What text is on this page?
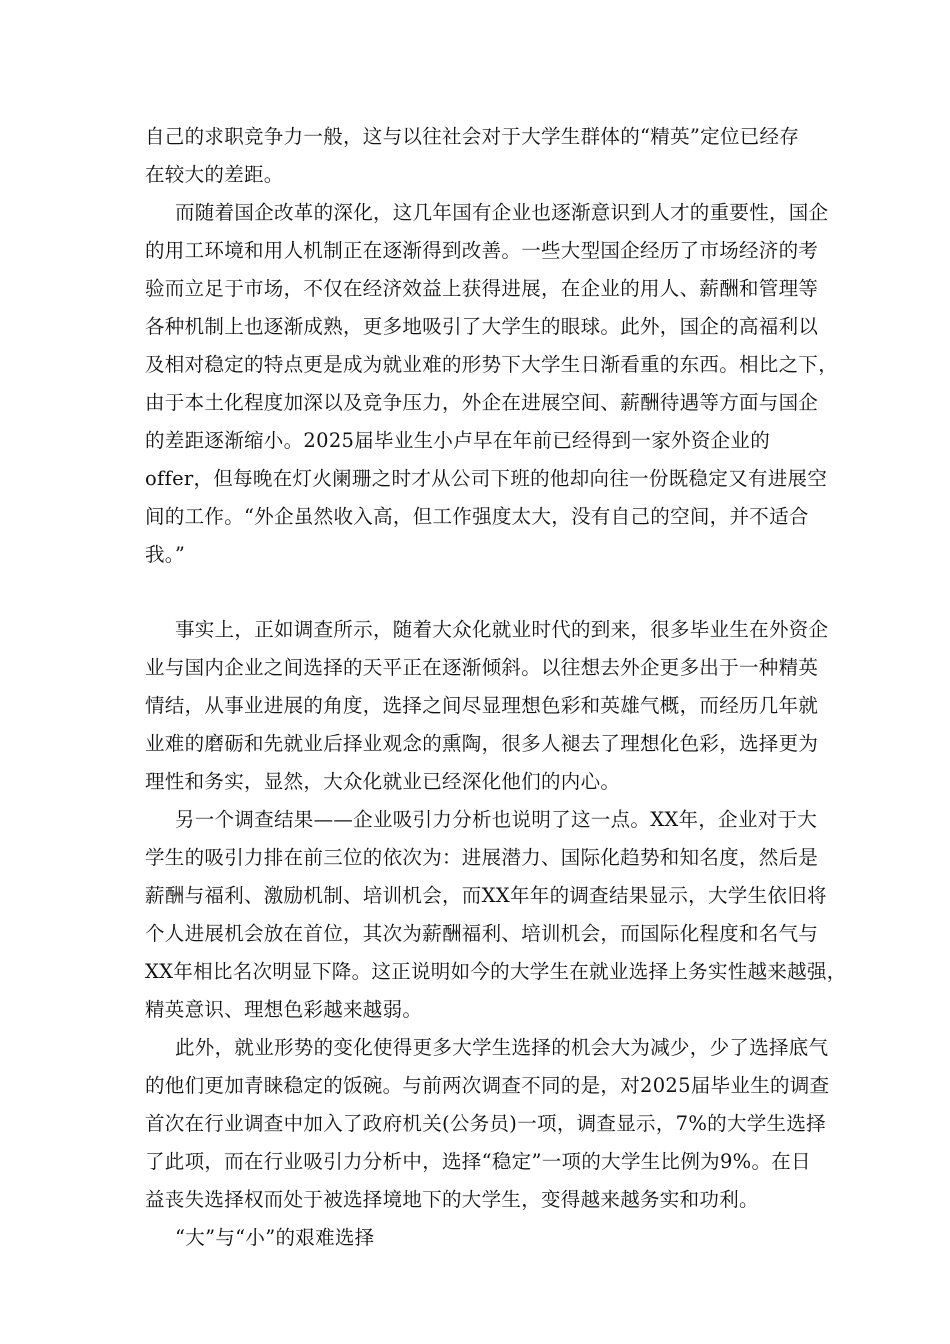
自己的求职竞争力一般，这与以往社会对于大学生群体的“精英”定位已经存
在较大的差距。
而随着国企改革的深化，这几年国有企业也逐渐意识到人才的重要性，国企
的用工环境和用人机制正在逐渐得到改善。一些大型国企经历了市场经济的考
验而立足于市场，不仅在经济效益上获得进展，在企业的用人、薪酬和管理等
各种机制上也逐渐成熟，更多地吸引了大学生的眼球。此外，国企的高福利以
及相对稳定的特点更是成为就业难的形势下大学生日渐看重的东西。相比之下，
由于本土化程度加深以及竞争压力，外企在进展空间、薪酬待遇等方面与国企
的差距逐渐缩小。2025届毕业生小卢早在年前已经得到一家外资企业的
offer，但每晚在灯火阑珊之时才从公司下班的他却向往一份既稳定又有进展空
间的工作。“外企虽然收入高，但工作强度太大，没有自己的空间，并不适合
我。”
事实上，正如调查所示，随着大众化就业时代的到来，很多毕业生在外资企
业与国内企业之间选择的天平正在逐渐倾斜。以往想去外企更多出于一种精英
情结，从事业进展的角度，选择之间尽显理想色彩和英雄气概，而经历几年就
业难的磨砺和先就业后择业观念的熏陶，很多人褪去了理想化色彩，选择更为
理性和务实，显然，大众化就业已经深化他们的内心。
另一个调查结果——企业吸引力分析也说明了这一点。XX年，企业对于大
学生的吸引力排在前三位的依次为：进展潜力、国际化趋势和知名度，然后是
薪酬与福利、激励机制、培训机会，而XX年年的调查结果显示，大学生依旧将
个人进展机会放在首位，其次为薪酬福利、培训机会，而国际化程度和名气与
XX年相比名次明显下降。这正说明如今的大学生在就业选择上务实性越来越强，
精英意识、理想色彩越来越弱。
此外，就业形势的变化使得更多大学生选择的机会大为减少，少了选择底气
的他们更加青睐稳定的饭碗。与前两次调查不同的是，对2025届毕业生的调查
首次在行业调查中加入了政府机关(公务员)一项，调查显示，7%的大学生选择
了此项，而在行业吸引力分析中，选择“稳定”一项的大学生比例为9%。在日
益丧失选择权而处于被选择境地下的大学生，变得越来越务实和功利。
“大”与“小”的艰难选择
